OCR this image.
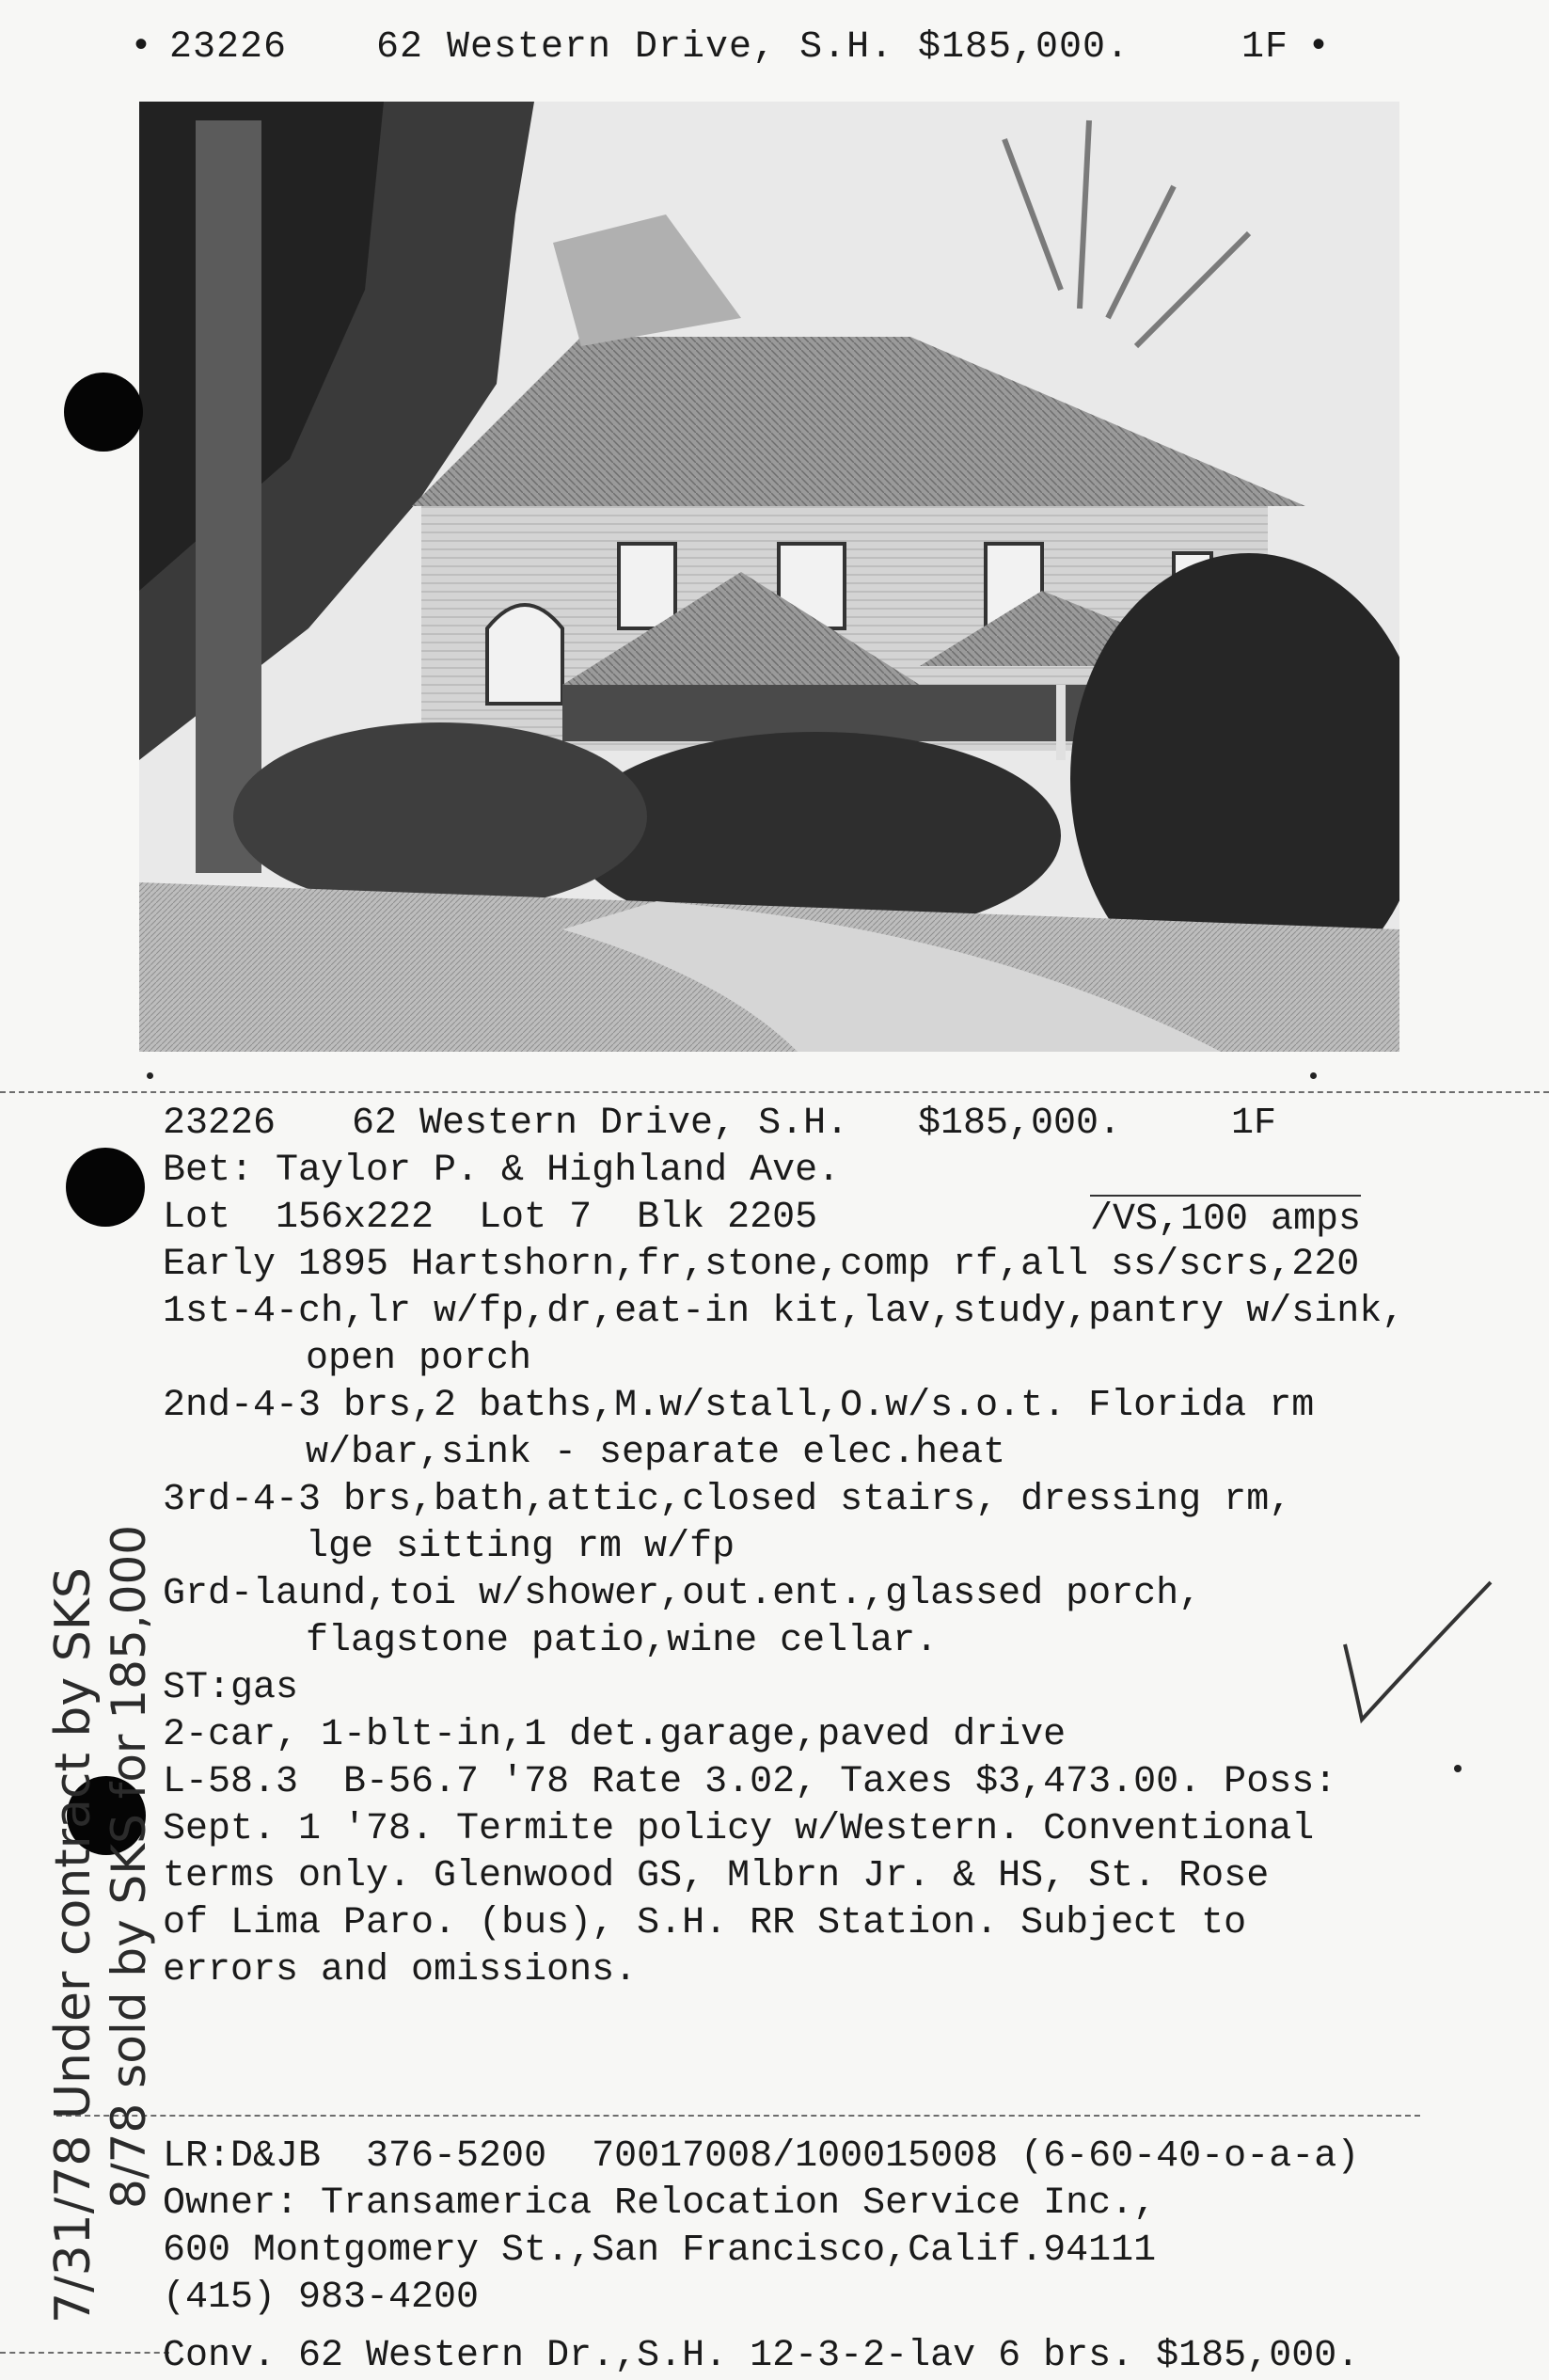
•

23226

62 Western Drive, S.H.

$185,000.

	1F

•

23226

62 Western Drive, S.H.

$185,000.

	1F

Bet: Taylor P. & Highland Ave.

Lot  156x222  Lot 7  Blk 2205

	/VS,100 amps

Early 1895 Hartshorn,fr,stone,comp rf,all ss/scrs,220
1st-4-ch,lr w/fp,dr,eat-in kit,lav,study,pantry w/sink,
open porch
2nd-4-3 brs,2 baths,M.w/stall,O.w/s.o.t. Florida rm
w/bar,sink - separate elec.heat
3rd-4-3 brs,bath,attic,closed stairs, dressing rm,
lge sitting rm w/fp
Grd-laund,toi w/shower,out.ent.,glassed porch,
flagstone patio,wine cellar.
ST:gas
2-car, 1-blt-in,1 det.garage,paved drive
L-58.3  B-56.7 '78 Rate 3.02, Taxes $3,473.00. Poss:
Sept. 1 '78. Termite policy w/Western. Conventional
terms only. Glenwood GS, Mlbrn Jr. & HS, St. Rose
of Lima Paro. (bus), S.H. RR Station. Subject to
errors and omissions.
LR:D&JB  376-5200  70017008/100015008 (6-60-40-o-a-a)
Owner: Transamerica Relocation Service Inc.,
600 Montgomery St.,San Francisco,Calif.94111
(415) 983-4200
Conv. 62 Western Dr.,S.H. 12-3-2-lav 6 brs. $185,000.
7/31/78 Under contract by SKS 8/78 sold by SKS for 185,000
